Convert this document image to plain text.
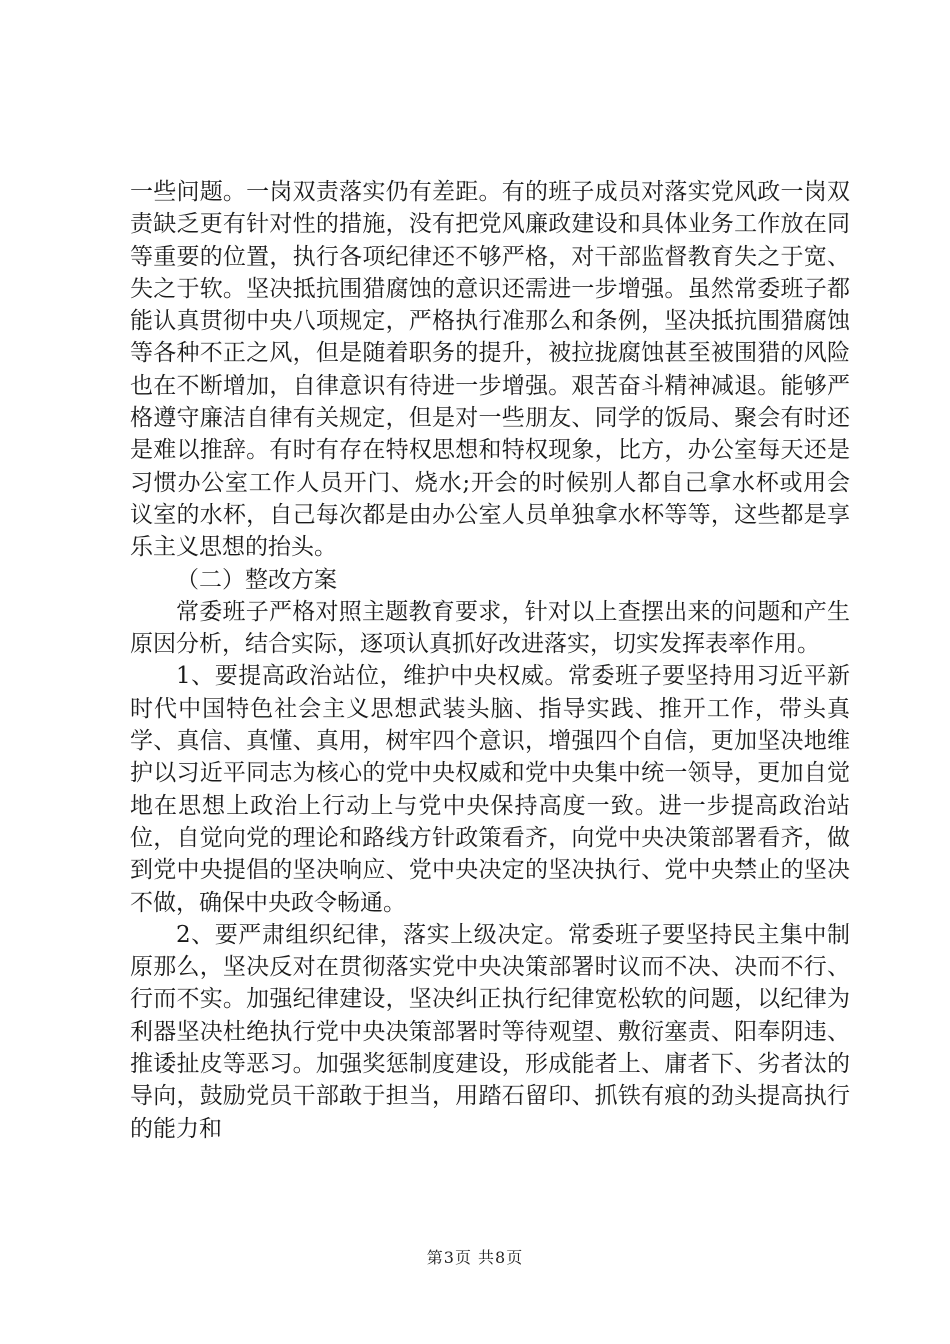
一些问题。一岗双责落实仍有差距。有的班子成员对落实党风政一岗双责缺乏更有针对性的措施，没有把党风廉政建设和具体业务工作放在同等重要的位置，执行各项纪律还不够严格，对干部监督教育失之于宽、失之于软。坚决抵抗围猎腐蚀的意识还需进一步增强。虽然常委班子都能认真贯彻中央八项规定，严格执行准那么和条例，坚决抵抗围猎腐蚀等各种不正之风，但是随着职务的提升，被拉拢腐蚀甚至被围猎的风险也在不断增加，自律意识有待进一步增强。艰苦奋斗精神减退。能够严格遵守廉洁自律有关规定，但是对一些朋友、同学的饭局、聚会有时还是难以推辞。有时有存在特权思想和特权现象，比方，办公室每天还是习惯办公室工作人员开门、烧水;开会的时候别人都自己拿水杯或用会议室的水杯，自己每次都是由办公室人员单独拿水杯等等，这些都是享乐主义思想的抬头。

（二）整改方案

常委班子严格对照主题教育要求，针对以上查摆出来的问题和产生原因分析，结合实际，逐项认真抓好改进落实，切实发挥表率作用。

1、要提高政治站位，维护中央权威。常委班子要坚持用习近平新时代中国特色社会主义思想武装头脑、指导实践、推开工作，带头真学、真信、真懂、真用，树牢四个意识，增强四个自信，更加坚决地维护以习近平同志为核心的党中央权威和党中央集中统一领导，更加自觉地在思想上政治上行动上与党中央保持高度一致。进一步提高政治站位，自觉向党的理论和路线方针政策看齐，向党中央决策部署看齐，做到党中央提倡的坚决响应、党中央决定的坚决执行、党中央禁止的坚决不做，确保中央政令畅通。

2、要严肃组织纪律，落实上级决定。常委班子要坚持民主集中制原那么，坚决反对在贯彻落实党中央决策部署时议而不决、决而不行、行而不实。加强纪律建设，坚决纠正执行纪律宽松软的问题，以纪律为利器坚决杜绝执行党中央决策部署时等待观望、敷衍塞责、阳奉阴违、推诿扯皮等恶习。加强奖惩制度建设，形成能者上、庸者下、劣者汰的导向，鼓励党员干部敢于担当，用踏石留印、抓铁有痕的劲头提高执行的能力和

第3页 共8页
